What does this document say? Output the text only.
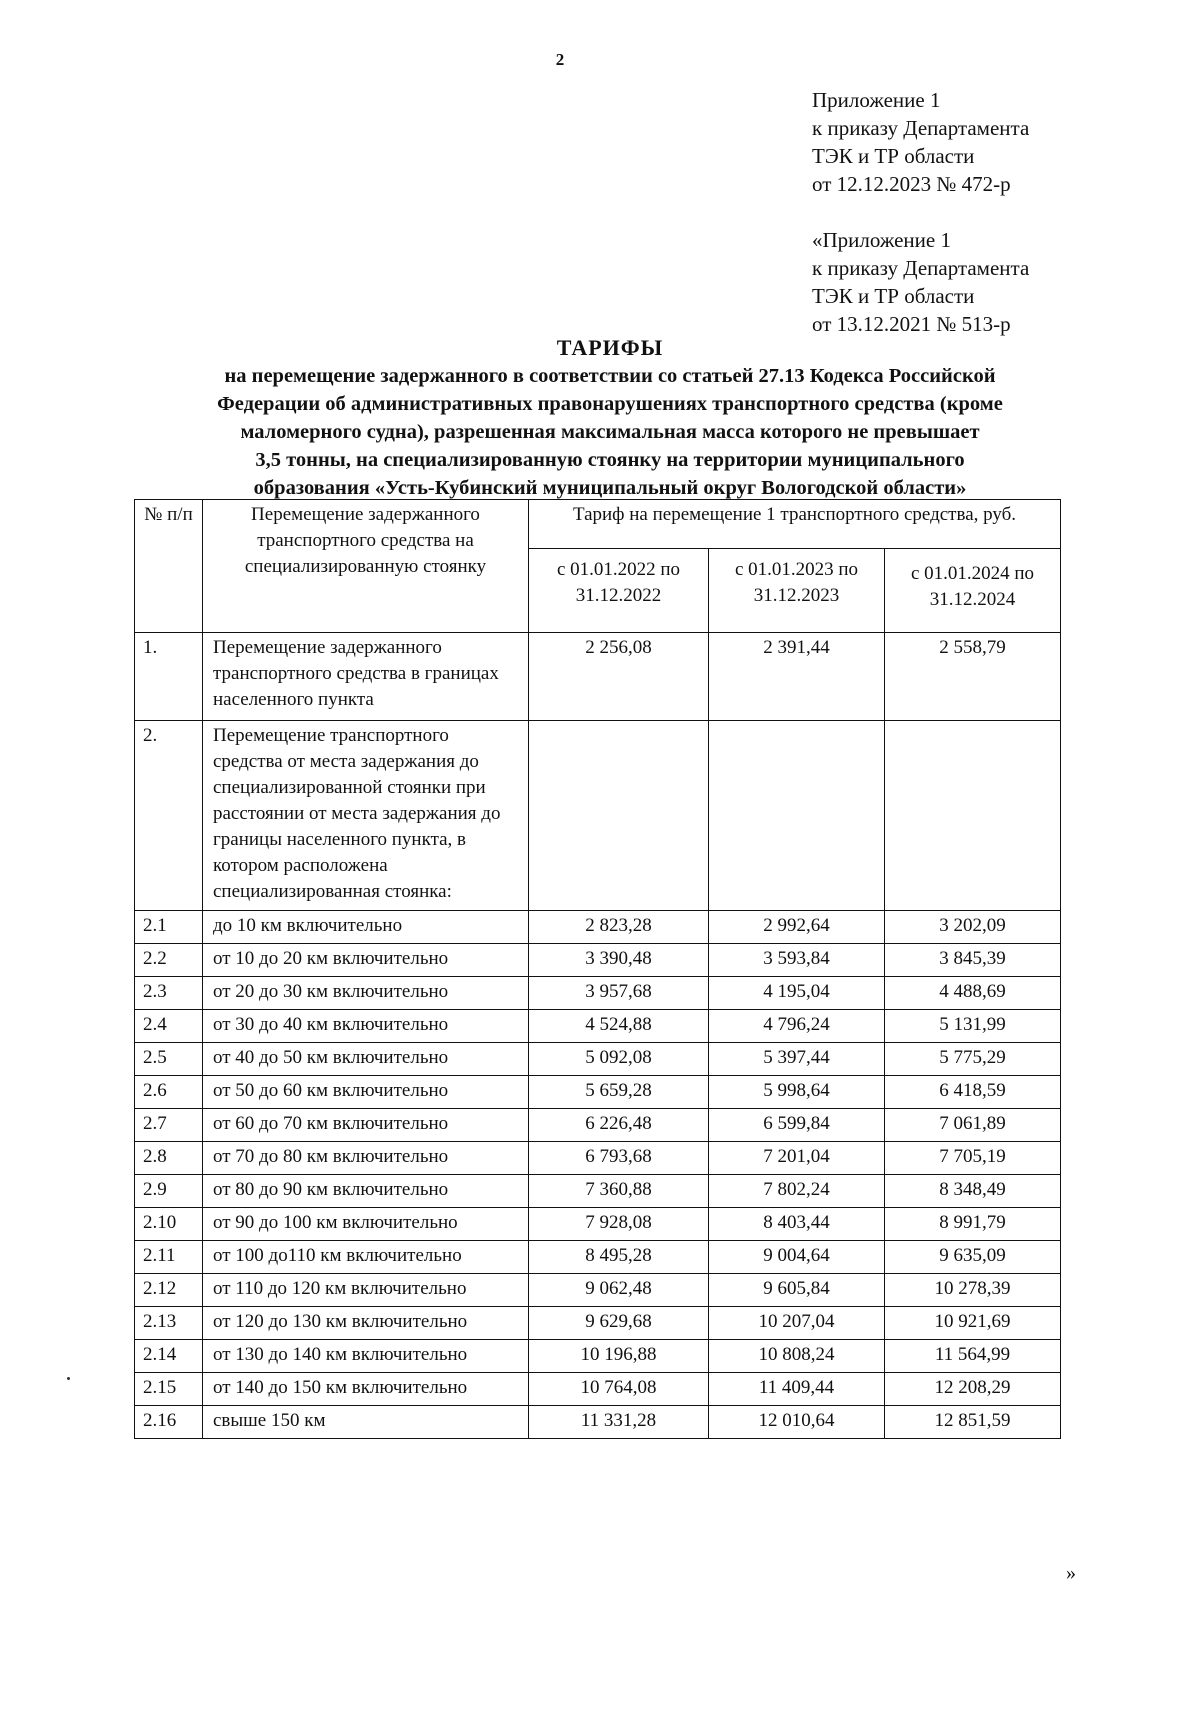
2
Приложение 1
к приказу Департамента
ТЭК и ТР области
от 12.12.2023 № 472-р
«Приложение 1
к приказу Департамента
ТЭК и ТР области
от 13.12.2021 № 513-р
ТАРИФЫ
на перемещение задержанного в соответствии со статьей 27.13 Кодекса Российской
Федерации об административных правонарушениях транспортного средства (кроме
маломерного судна), разрешенная максимальная масса которого не превышает
3,5 тонны, на специализированную стоянку на территории муниципального
образования «Усть-Кубинский муниципальный округ Вологодской области»
№ п/п	Перемещение задержанного транспортного средства на специализированную стоянку	Тариф на перемещение 1 транспортного средства, руб.		
		с 01.01.2022 по 31.12.2022	с 01.01.2023 по 31.12.2023	с 01.01.2024 по 31.12.2024
1.	Перемещение задержанного транспортного средства в границах населенного пункта	2 256,08	2 391,44	2 558,79
2.	Перемещение транспортного средства от места задержания до специализированной стоянки при расстоянии от места задержания до границы населенного пункта, в котором расположена специализированная стоянка:			
2.1	до 10 км включительно	2 823,28	2 992,64	3 202,09
2.2	от 10 до 20 км включительно	3 390,48	3 593,84	3 845,39
2.3	от 20 до 30 км включительно	3 957,68	4 195,04	4 488,69
2.4	от 30 до 40 км включительно	4 524,88	4 796,24	5 131,99
2.5	от 40 до 50 км включительно	5 092,08	5 397,44	5 775,29
2.6	от 50 до 60 км включительно	5 659,28	5 998,64	6 418,59
2.7	от 60 до 70 км включительно	6 226,48	6 599,84	7 061,89
2.8	от 70 до 80 км включительно	6 793,68	7 201,04	7 705,19
2.9	от 80 до 90 км включительно	7 360,88	7 802,24	8 348,49
2.10	от 90 до 100 км включительно	7 928,08	8 403,44	8 991,79
2.11	от 100 до110 км включительно	8 495,28	9 004,64	9 635,09
2.12	от 110 до 120 км включительно	9 062,48	9 605,84	10 278,39
2.13	от 120 до 130 км включительно	9 629,68	10 207,04	10 921,69
2.14	от 130 до 140 км включительно	10 196,88	10 808,24	11 564,99
2.15	от 140 до 150 км включительно	10 764,08	11 409,44	12 208,29
2.16	свыше 150 км	11 331,28	12 010,64	12 851,59
»
